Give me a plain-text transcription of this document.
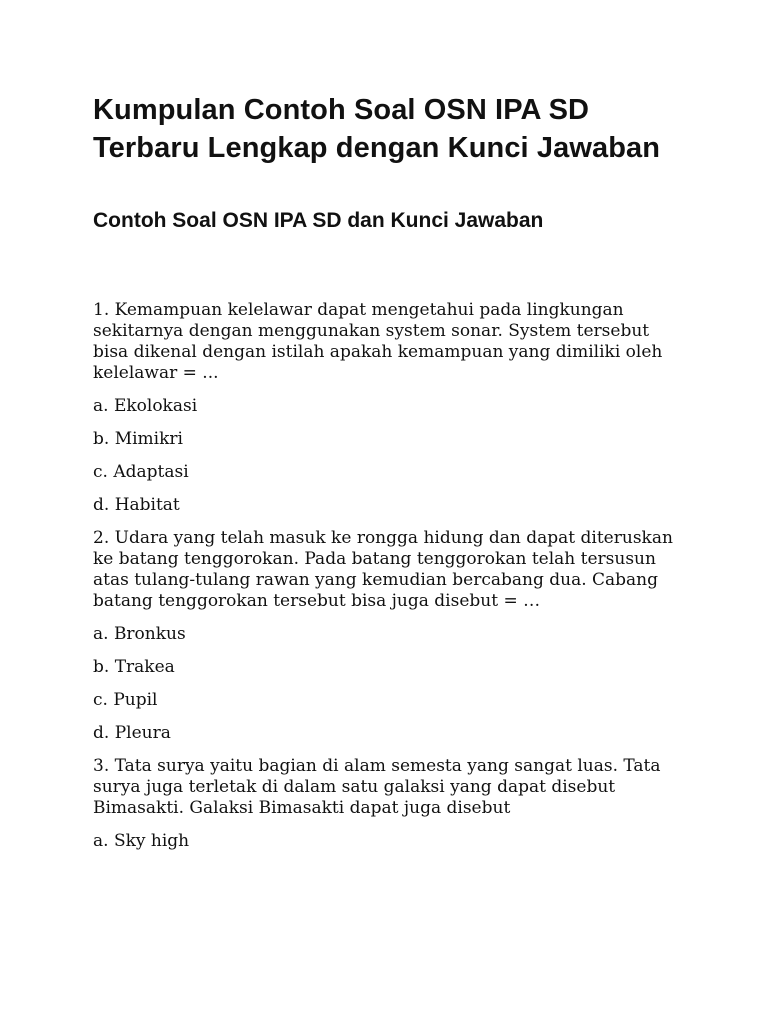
Kumpulan Contoh Soal OSN IPA SD Terbaru Lengkap dengan Kunci Jawaban
Contoh Soal OSN IPA SD dan Kunci Jawaban

1. Kemampuan kelelawar dapat mengetahui pada lingkungan sekitarnya dengan menggunakan system sonar. System tersebut bisa dikenal dengan istilah apakah kemampuan yang dimiliki oleh kelelawar = ...

a. Ekolokasi

b. Mimikri

c. Adaptasi

d. Habitat

2. Udara yang telah masuk ke rongga hidung dan dapat diteruskan ke batang tenggorokan. Pada batang tenggorokan telah tersusun atas tulang-tulang rawan yang kemudian bercabang dua. Cabang batang tenggorokan tersebut bisa juga disebut = …

a. Bronkus

b. Trakea

c. Pupil

d. Pleura

3. Tata surya yaitu bagian di alam semesta yang sangat luas. Tata surya juga terletak di dalam satu galaksi yang dapat disebut Bimasakti. Galaksi Bimasakti dapat juga disebut

a. Sky high
